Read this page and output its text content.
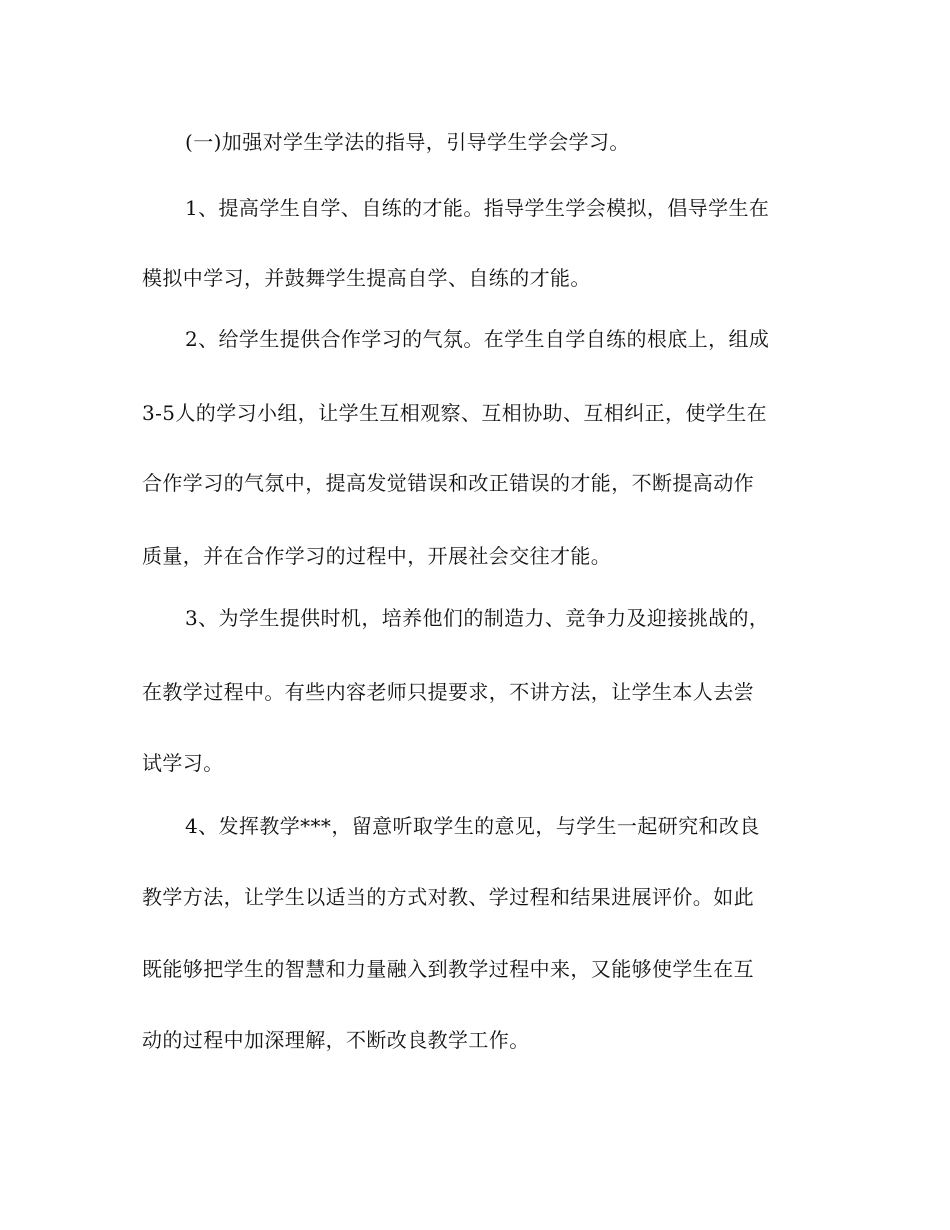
(一)加强对学生学法的指导，引导学生学会学习。
1、提高学生自学、自练的才能。指导学生学会模拟，倡导学生在
模拟中学习，并鼓舞学生提高自学、自练的才能。
2、给学生提供合作学习的气氛。在学生自学自练的根底上，组成
3-5人的学习小组，让学生互相观察、互相协助、互相纠正，使学生在
合作学习的气氛中，提高发觉错误和改正错误的才能，不断提高动作
质量，并在合作学习的过程中，开展社会交往才能。
3、为学生提供时机，培养他们的制造力、竞争力及迎接挑战的，
在教学过程中。有些内容老师只提要求，不讲方法，让学生本人去尝
试学习。
4、发挥教学***，留意听取学生的意见，与学生一起研究和改良
教学方法，让学生以适当的方式对教、学过程和结果进展评价。如此
既能够把学生的智慧和力量融入到教学过程中来，又能够使学生在互
动的过程中加深理解，不断改良教学工作。
